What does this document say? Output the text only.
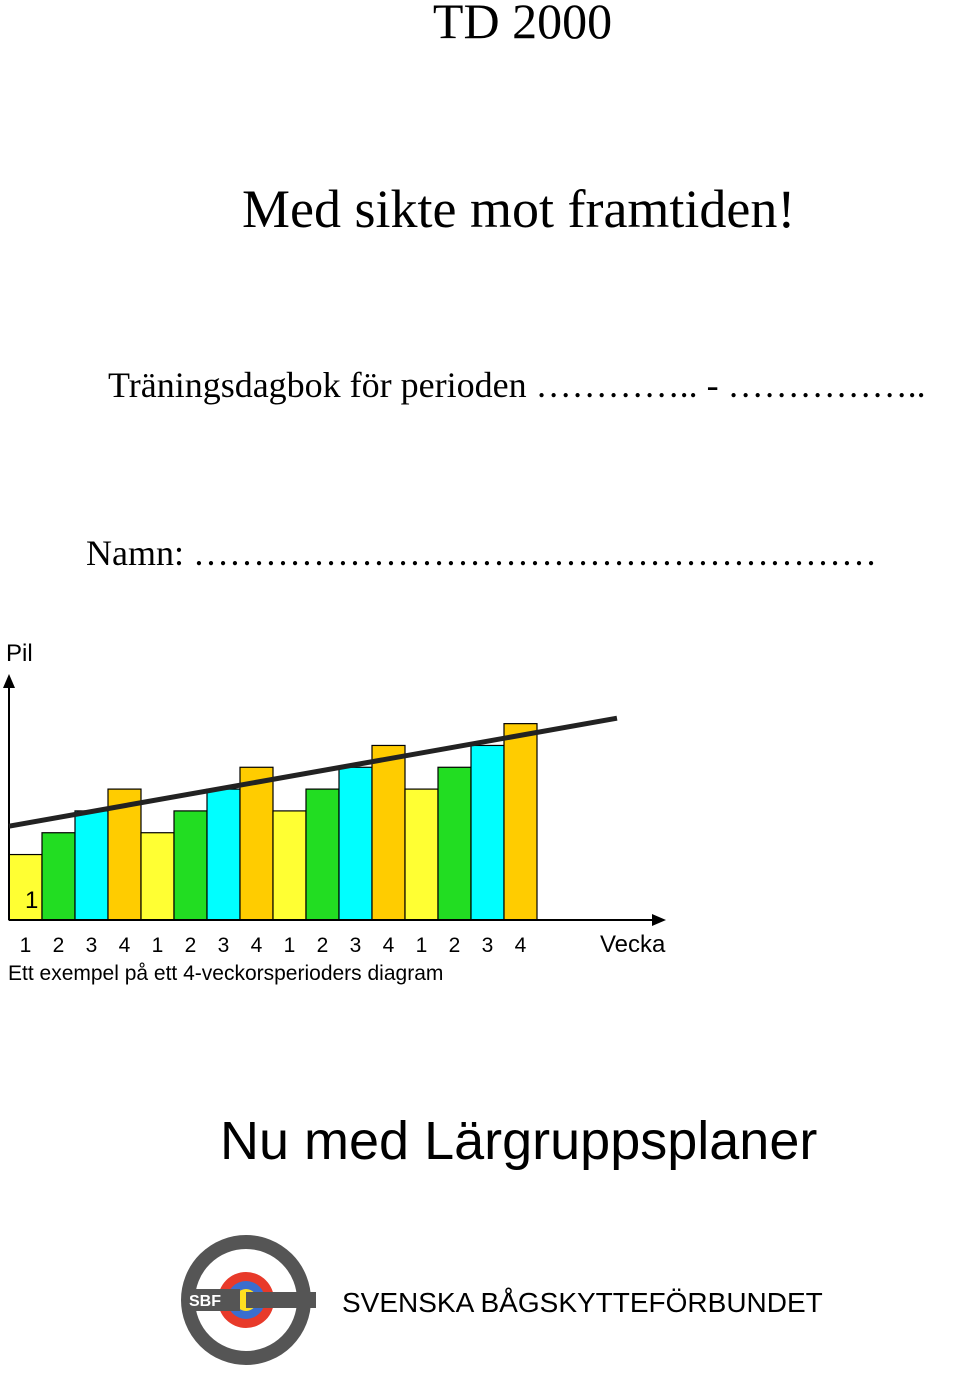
TD 2000
Med sikte mot framtiden!
Träningsdagbok för perioden ………….. - ……………..
Namn: …………………………………………………
Pil
1
1 2 3 4 1 2 3 4 1 2 3 4 1 2 3 4	Vecka
Ett exempel på ett 4-veckorsperioders diagram
Nu med Lärgruppsplaner
SBF	SVENSKA BÅGSKYTTEFÖRBUNDET
